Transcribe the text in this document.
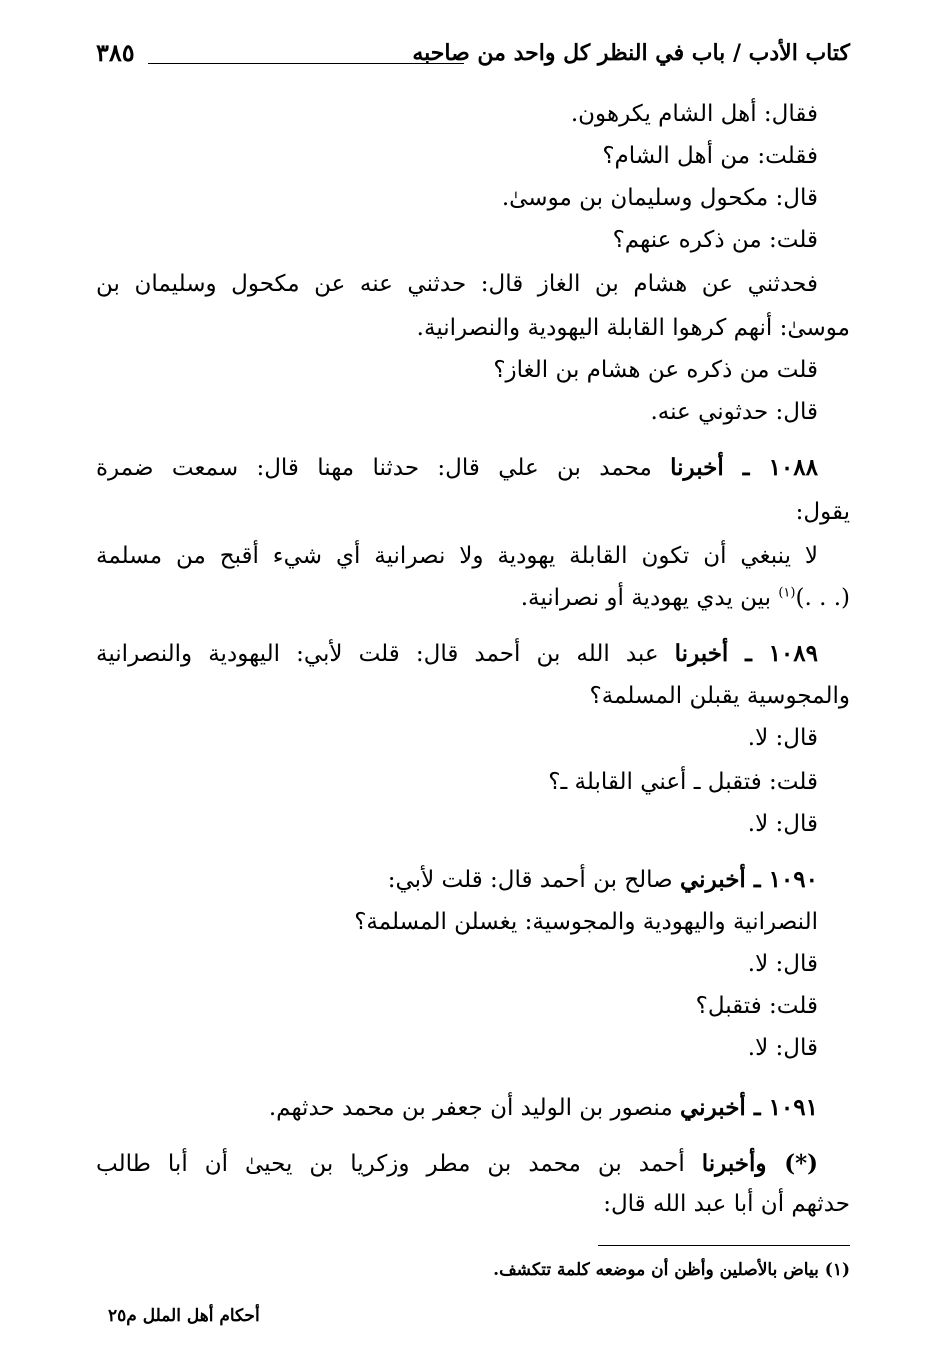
كتاب الأدب / باب في النظر كل واحد من صاحبه
٣٨٥
فقال: أهل الشام يكرهون.
فقلت: من أهل الشام؟
قال: مكحول وسليمان بن موسىٰ.
قلت: من ذكره عنهم؟
فحدثني عن هشام بن الغاز قال: حدثني عنه عن مكحول وسليمان بن
موسىٰ: أنهم كرهوا القابلة اليهودية والنصرانية.
قلت من ذكره عن هشام بن الغاز؟
قال: حدثوني عنه.
١٠٨٨ ـ أخبرنا محمد بن علي قال: حدثنا مهنا قال: سمعت ضمرة
يقول:
لا ينبغي أن تكون القابلة يهودية ولا نصرانية أي شيء أقبح من مسلمة
(. . .)$^{(١)}$ بين يدي يهودية أو نصرانية.
١٠٨٩ ـ أخبرنا عبد الله بن أحمد قال: قلت لأبي: اليهودية والنصرانية
والمجوسية يقبلن المسلمة؟
قال: لا.
قلت: فتقبل ـ أعني القابلة ـ؟
قال: لا.
١٠٩٠ ـ أخبرني صالح بن أحمد قال: قلت لأبي:
النصرانية واليهودية والمجوسية: يغسلن المسلمة؟
قال: لا.
قلت: فتقبل؟
قال: لا.
١٠٩١ ـ أخبرني منصور بن الوليد أن جعفر بن محمد حدثهم.
(*) وأخبرنا أحمد بن محمد بن مطر وزكريا بن يحيىٰ أن أبا طالب
حدثهم أن أبا عبد الله قال:
(١) بياض بالأصلين وأظن أن موضعه كلمة تتكشف.
أحكام أهل الملل م٢٥
